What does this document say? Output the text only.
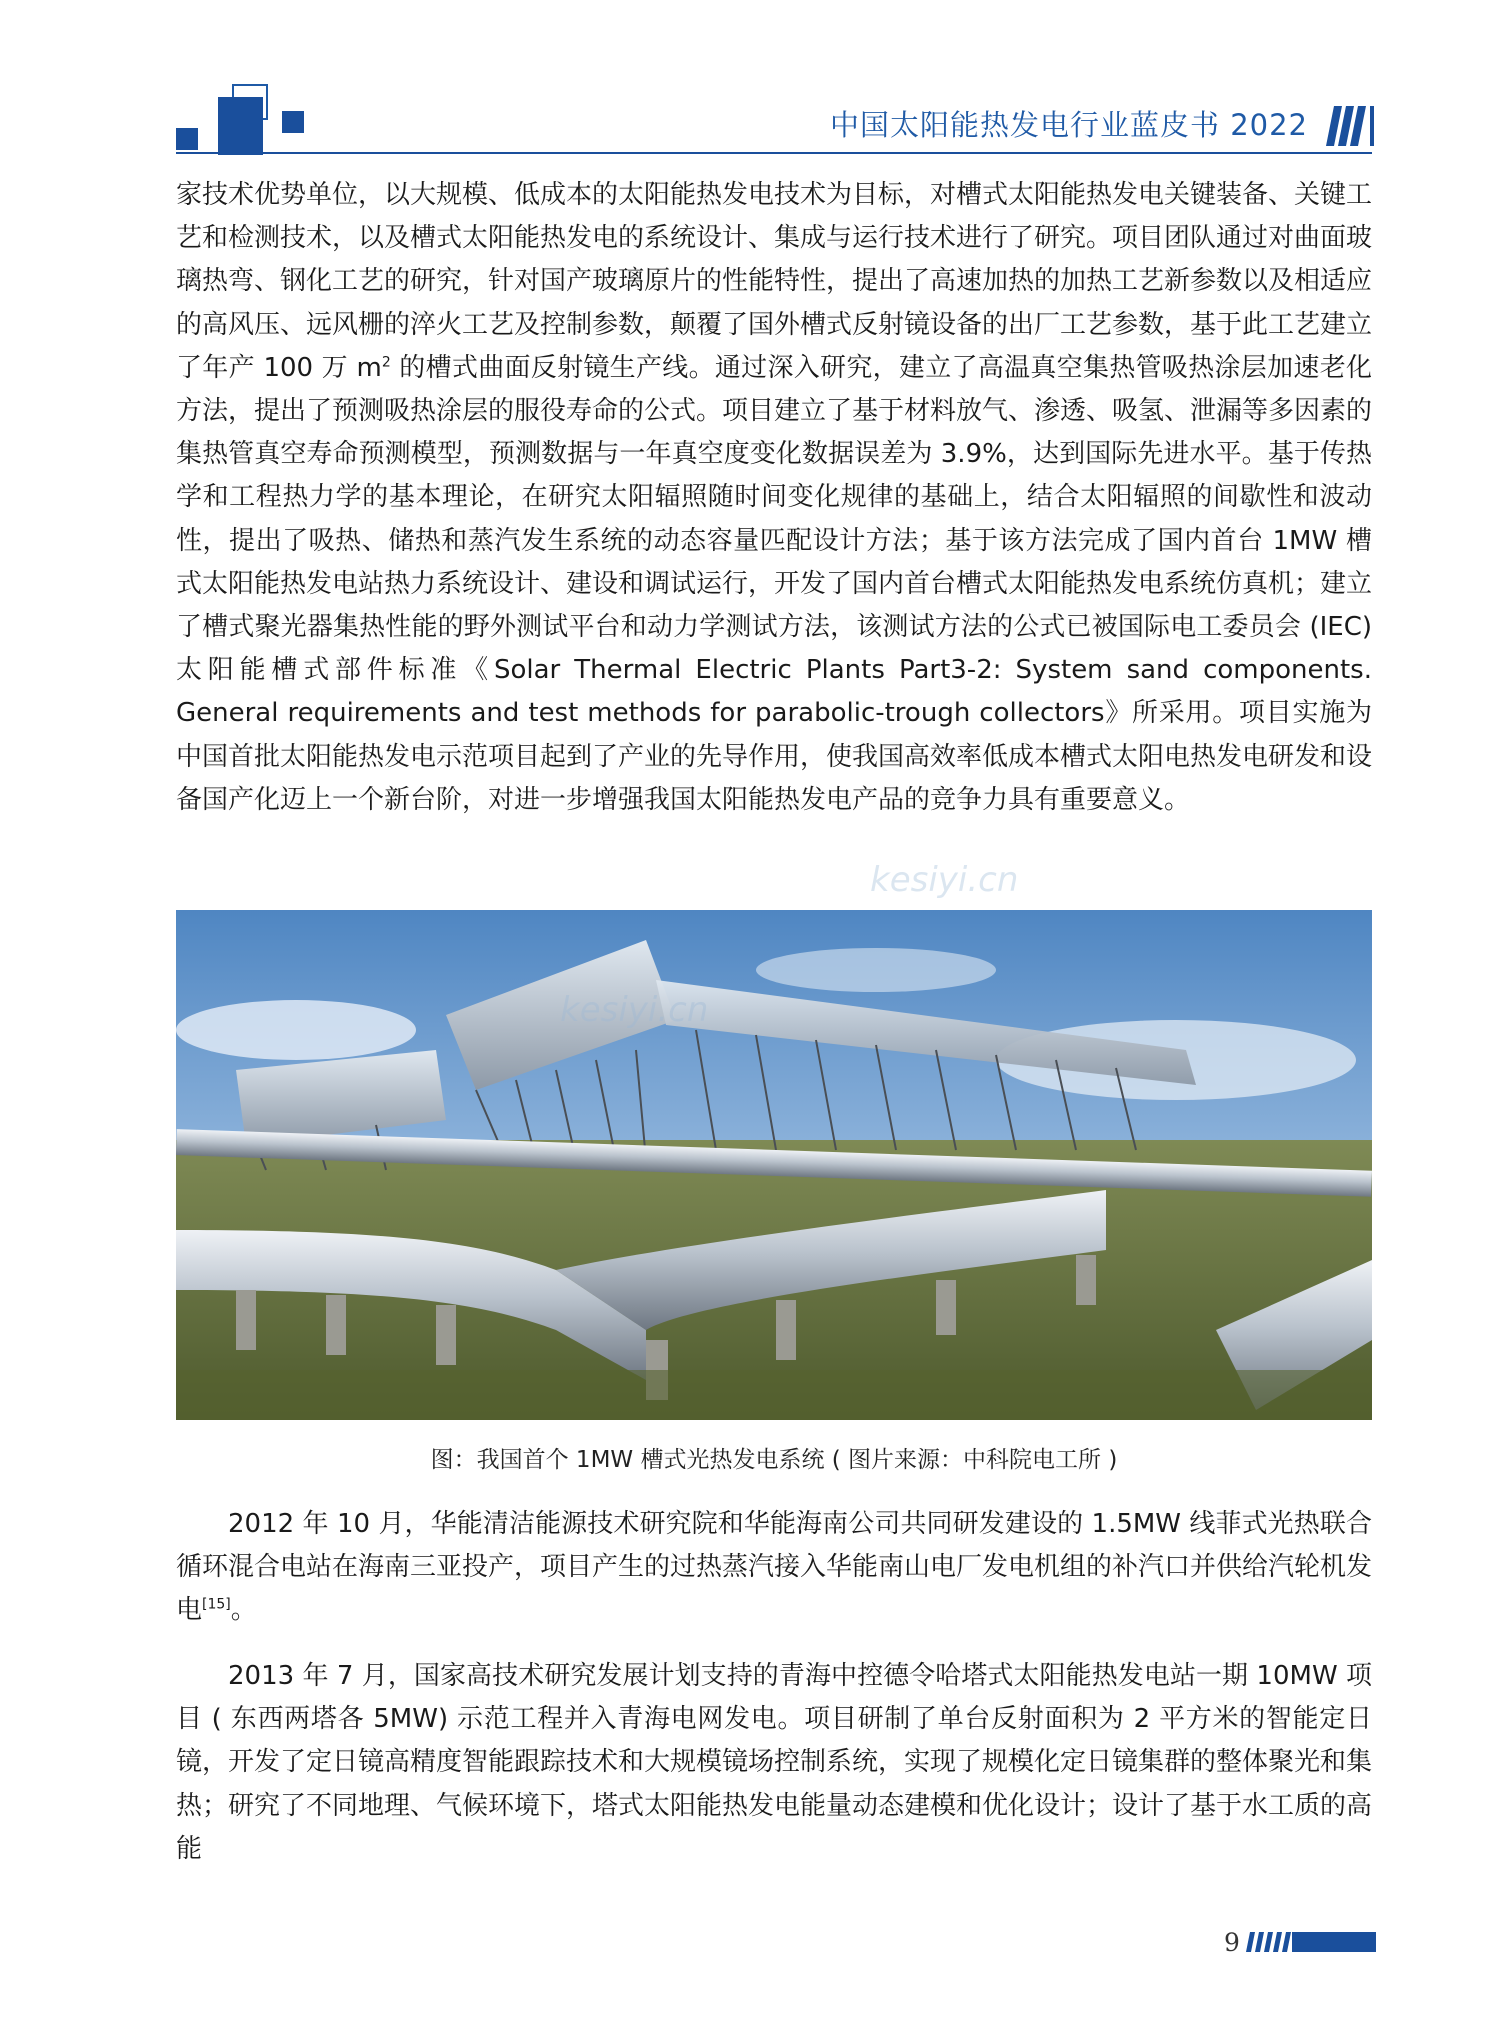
中国太阳能热发电行业蓝皮书 2022
家技术优势单位，以大规模、低成本的太阳能热发电技术为目标，对槽式太阳能热发电关键装备、关键工艺和检测技术，以及槽式太阳能热发电的系统设计、集成与运行技术进行了研究。项目团队通过对曲面玻璃热弯、钢化工艺的研究，针对国产玻璃原片的性能特性，提出了高速加热的加热工艺新参数以及相适应的高风压、远风栅的淬火工艺及控制参数，颠覆了国外槽式反射镜设备的出厂工艺参数，基于此工艺建立了年产 100 万 $m^2$ 的槽式曲面反射镜生产线。通过深入研究，建立了高温真空集热管吸热涂层加速老化方法，提出了预测吸热涂层的服役寿命的公式。项目建立了基于材料放气、渗透、吸氢、泄漏等多因素的集热管真空寿命预测模型，预测数据与一年真空度变化数据误差为 3.9%，达到国际先进水平。基于传热学和工程热力学的基本理论，在研究太阳辐照随时间变化规律的基础上，结合太阳辐照的间歇性和波动性，提出了吸热、储热和蒸汽发生系统的动态容量匹配设计方法；基于该方法完成了国内首台 1MW 槽式太阳能热发电站热力系统设计、建设和调试运行，开发了国内首台槽式太阳能热发电系统仿真机；建立了槽式聚光器集热性能的野外测试平台和动力学测试方法，该测试方法的公式已被国际电工委员会 (IEC) 太阳能槽式部件标准《Solar Thermal Electric Plants Part3-2: System sand components. General requirements and test methods for parabolic-trough collectors》所采用。项目实施为中国首批太阳能热发电示范项目起到了产业的先导作用，使我国高效率低成本槽式太阳电热发电研发和设备国产化迈上一个新台阶，对进一步增强我国太阳能热发电产品的竞争力具有重要意义。
kesiyi.cn
kesiyi.cn
图：我国首个 1MW 槽式光热发电系统 ( 图片来源：中科院电工所 )
2012 年 10 月，华能清洁能源技术研究院和华能海南公司共同研发建设的 1.5MW 线菲式光热联合循环混合电站在海南三亚投产，项目产生的过热蒸汽接入华能南山电厂发电机组的补汽口并供给汽轮机发电[15]。
2013 年 7 月，国家高技术研究发展计划支持的青海中控德令哈塔式太阳能热发电站一期 10MW 项目 ( 东西两塔各 5MW) 示范工程并入青海电网发电。项目研制了单台反射面积为 2 平方米的智能定日镜，开发了定日镜高精度智能跟踪技术和大规模镜场控制系统，实现了规模化定日镜集群的整体聚光和集热；研究了不同地理、气候环境下，塔式太阳能热发电能量动态建模和优化设计；设计了基于水工质的高能
9
